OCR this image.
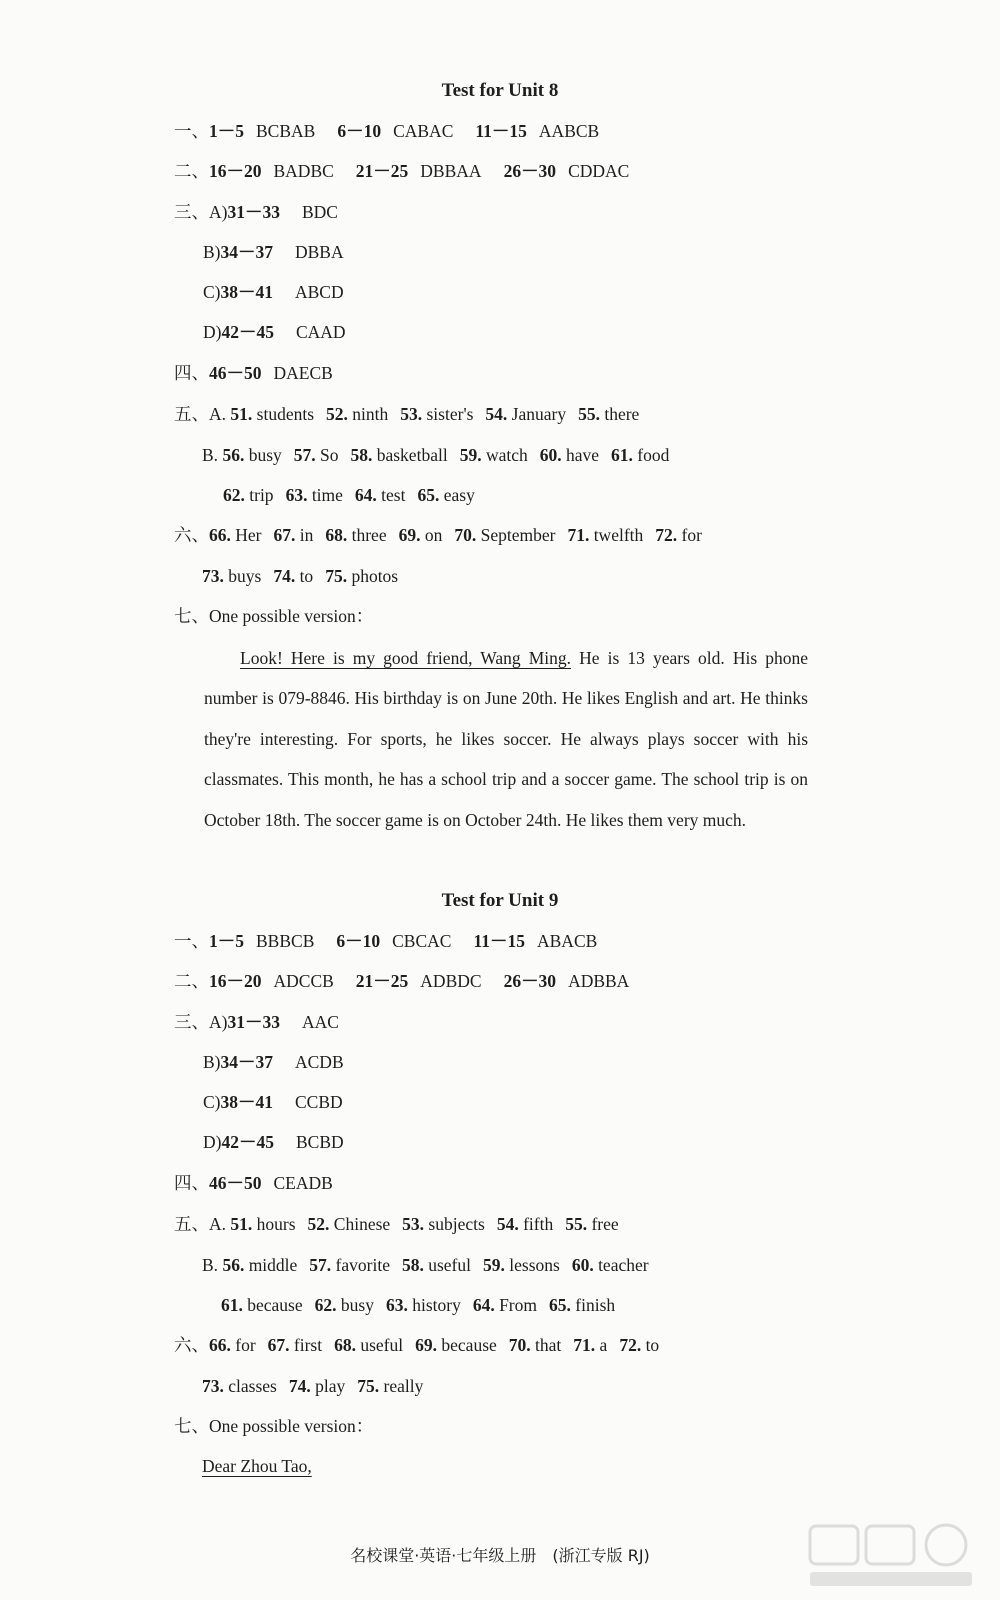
Test for Unit 8
一、1－5 BCBAB 6－10 CABAC 11－15 AABCB
二、16－20 BADBC 21－25 DBBAA 26－30 CDDAC
三、A)31－33 BDC
B)34－37 DBBA
C)38－41 ABCD
D)42－45 CAAD
四、46－50 DAECB
五、A. 51. students 52. ninth 53. sister's 54. January 55. there
B. 56. busy 57. So 58. basketball 59. watch 60. have 61. food
62. trip 63. time 64. test 65. easy
六、66. Her 67. in 68. three 69. on 70. September 71. twelfth 72. for
73. buys 74. to 75. photos
七、One possible version：
Look! Here is my good friend, Wang Ming. He is 13 years old. His phone number is 079-8846. His birthday is on June 20th. He likes English and art. He thinks they're interesting. For sports, he likes soccer. He always plays soccer with his classmates. This month, he has a school trip and a soccer game. The school trip is on October 18th. The soccer game is on October 24th. He likes them very much.
Test for Unit 9
一、1－5 BBBCB 6－10 CBCAC 11－15 ABACB
二、16－20 ADCCB 21－25 ADBDC 26－30 ADBBA
三、A)31－33 AAC
B)34－37 ACDB
C)38－41 CCBD
D)42－45 BCBD
四、46－50 CEADB
五、A. 51. hours 52. Chinese 53. subjects 54. fifth 55. free
B. 56. middle 57. favorite 58. useful 59. lessons 60. teacher
61. because 62. busy 63. history 64. From 65. finish
六、66. for 67. first 68. useful 69. because 70. that 71. a 72. to
73. classes 74. play 75. really
七、One possible version：
Dear Zhou Tao,
名校课堂·英语·七年级上册　(浙江专版 RJ)
